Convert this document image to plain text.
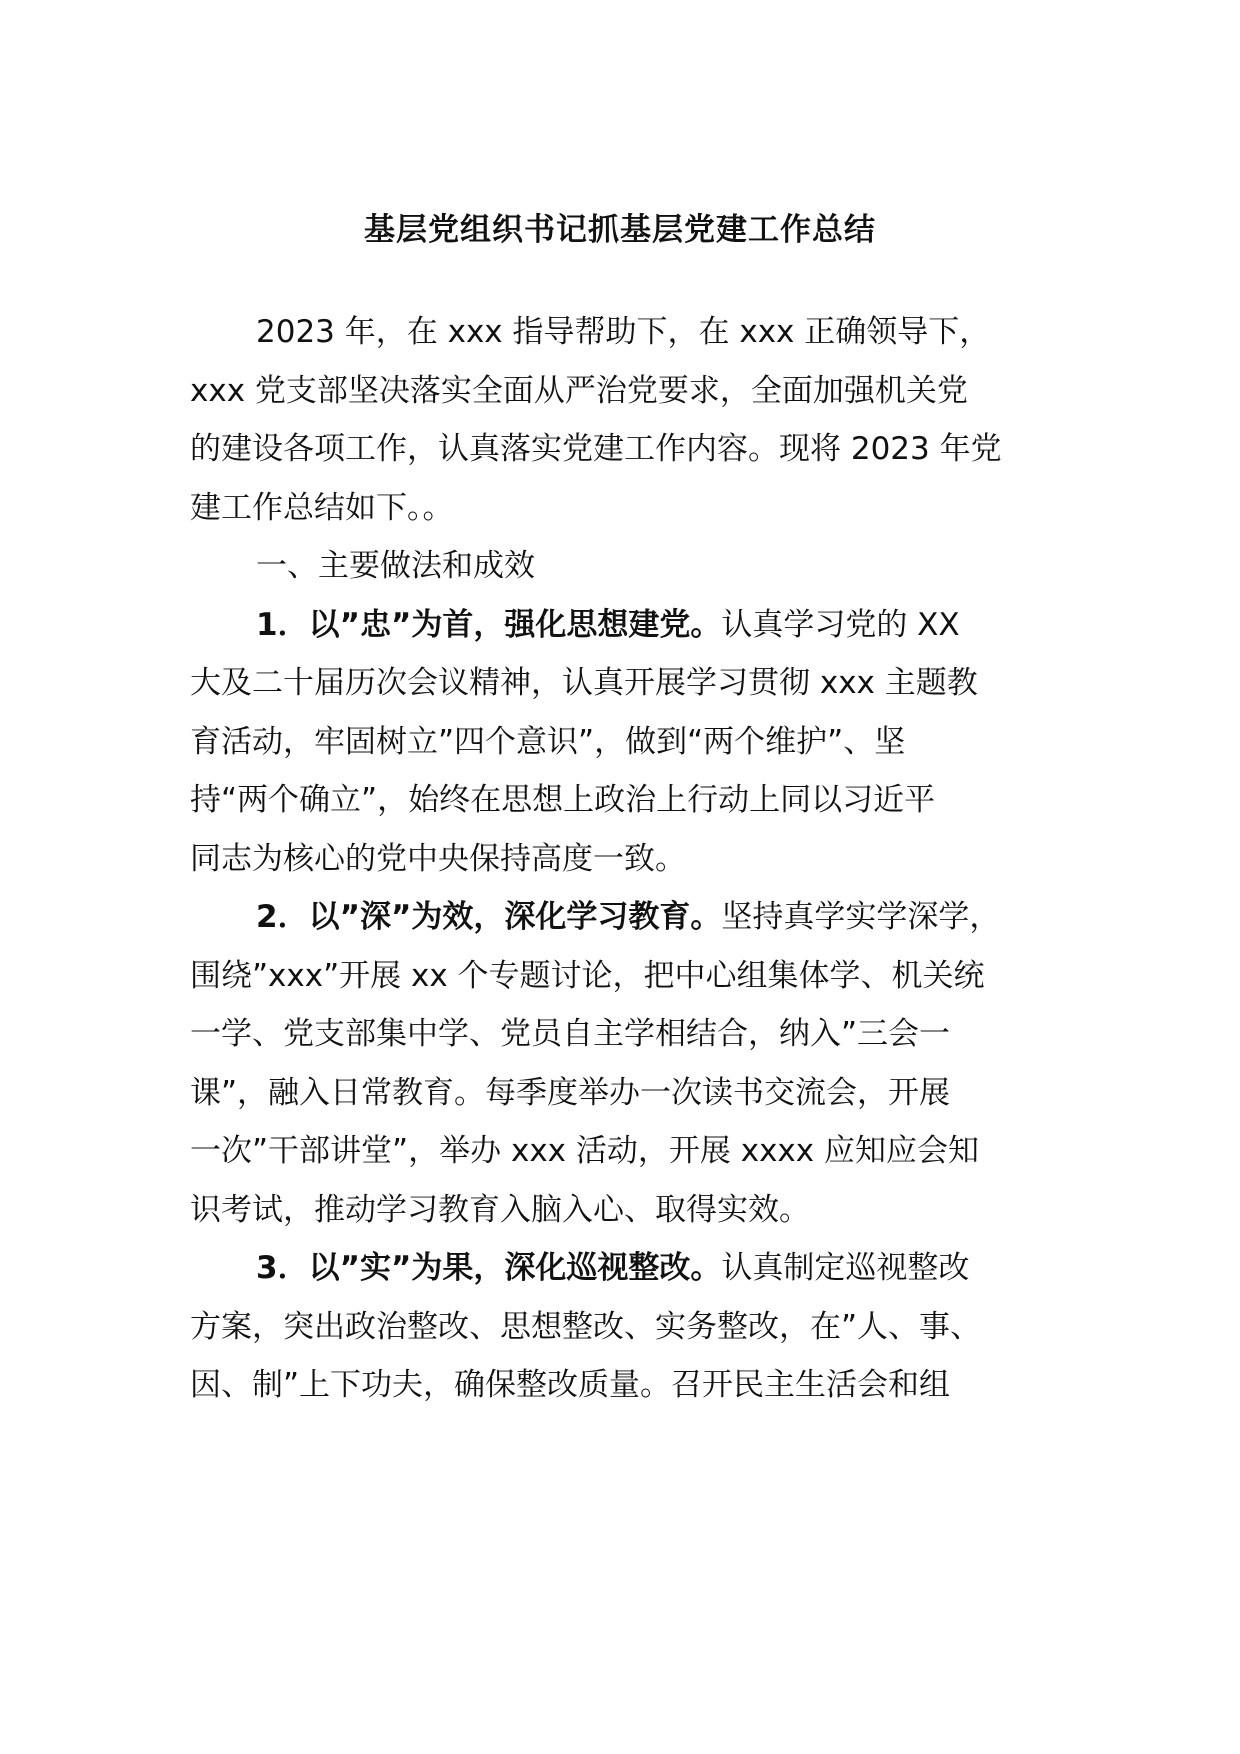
基层党组织书记抓基层党建工作总结
2023 年，在 xxx 指导帮助下，在 xxx 正确领导下，
xxx 党支部坚决落实全面从严治党要求，全面加强机关党
的建设各项工作，认真落实党建工作内容。现将 2023 年党
建工作总结如下。。
一、主要做法和成效
1．以”忠”为首，强化思想建党。认真学习党的 XX
大及二十届历次会议精神，认真开展学习贯彻 xxx 主题教
育活动，牢固树立”四个意识”，做到“两个维护”、坚
持“两个确立”，始终在思想上政治上行动上同以习近平
同志为核心的党中央保持高度一致。
2．以”深”为效，深化学习教育。坚持真学实学深学，
围绕”xxx”开展 xx 个专题讨论，把中心组集体学、机关统
一学、党支部集中学、党员自主学相结合，纳入”三会一
课”，融入日常教育。每季度举办一次读书交流会，开展
一次”干部讲堂”，举办 xxx 活动，开展 xxxx 应知应会知
识考试，推动学习教育入脑入心、取得实效。
3．以”实”为果，深化巡视整改。认真制定巡视整改
方案，突出政治整改、思想整改、实务整改，在”人、事、
因、制”上下功夫，确保整改质量。召开民主生活会和组
